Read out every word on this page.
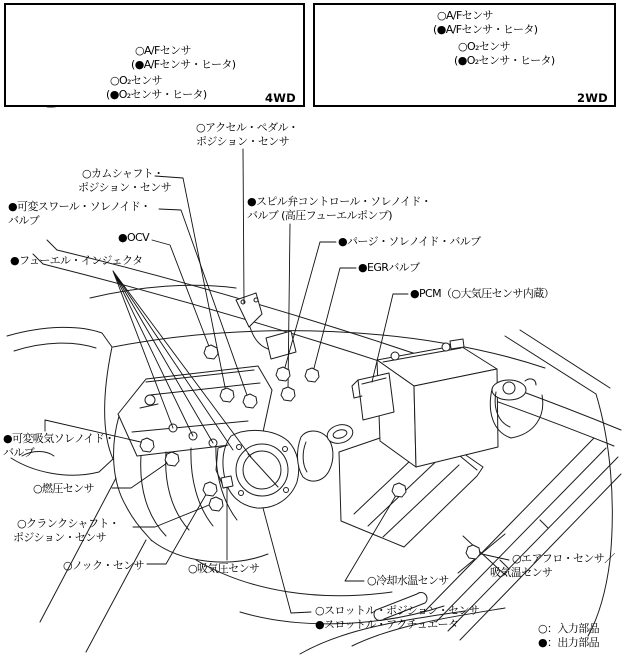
○A/Fセンサ
(●A/Fセンサ・ヒータ)
○O₂センサ
(●O₂センサ・ヒータ)	4WD
○A/Fセンサ
(●A/Fセンサ・ヒータ)
○O₂センサ
(●O₂センサ・ヒータ)
2WD
○アクセル・ペダル・
ポジション・センサ
○カムシャフト・
ポジション・センサ
●可変スワール・ソレノイド・
バルブ
●OCV
●フューエル・インジェクタ
●スピル弁コントロール・ソレノイド・
バルブ (高圧フューエルポンプ)
●パージ・ソレノイド・バルブ
●EGRバルブ
●PCM（○大気圧センサ内蔵）
●可変吸気ソレノイド・
バルブ
○燃圧センサ
○クランクシャフト・
ポジション・センサ
○ノック・センサ	○吸気圧センサ
○冷却水温センサ
○エアフロ・センサ／
吸気温センサ
○スロットル・ポジション・センサ
●スロットル・アクチュエータ	○：入力部品
●：出力部品
